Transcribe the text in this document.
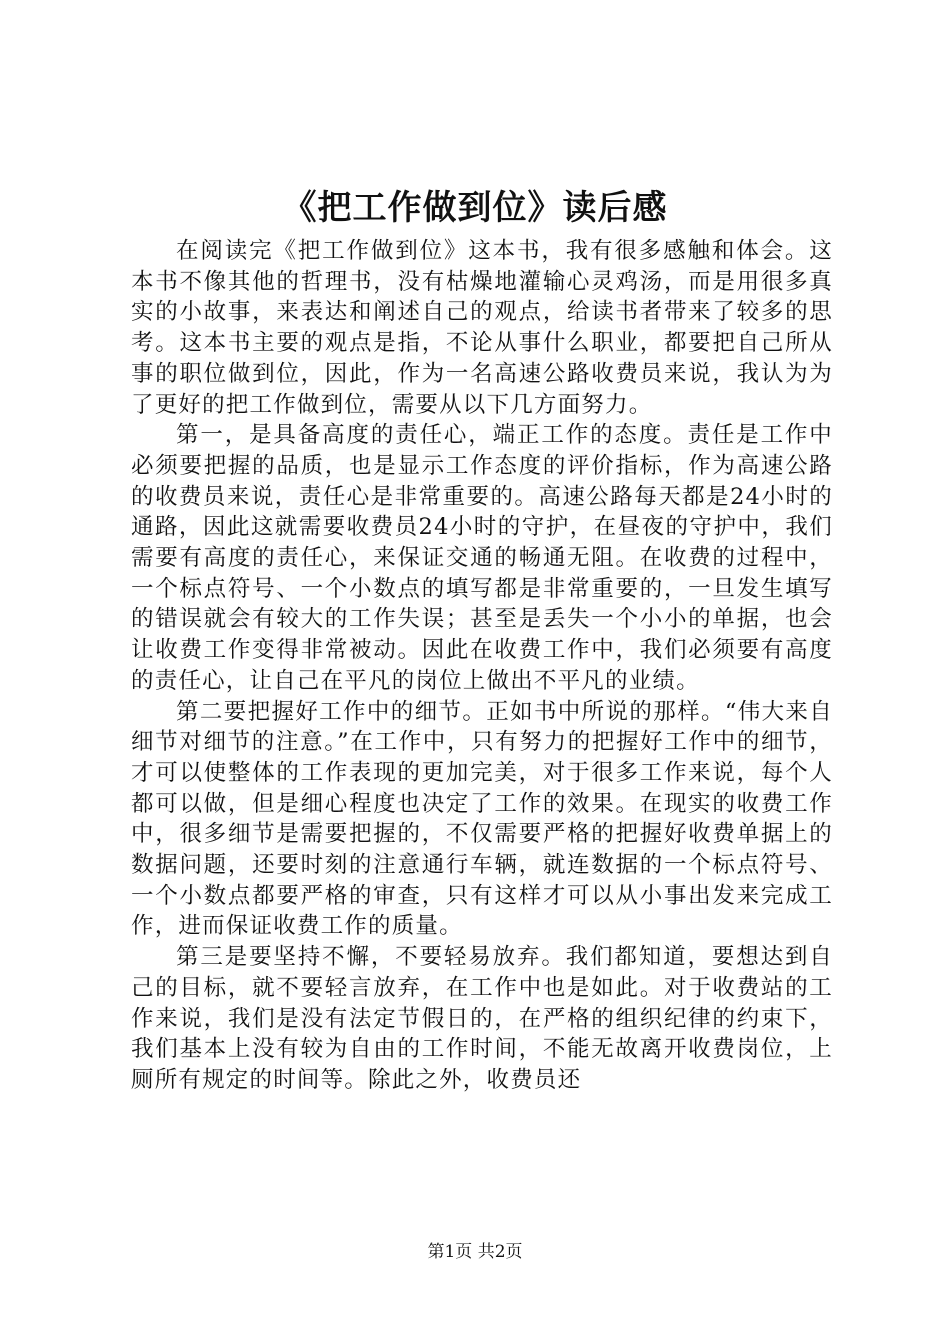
《把工作做到位》读后感

在阅读完《把工作做到位》这本书，我有很多感触和体会。这本书不像其他的哲理书，没有枯燥地灌输心灵鸡汤，而是用很多真实的小故事，来表达和阐述自己的观点，给读书者带来了较多的思考。这本书主要的观点是指，不论从事什么职业，都要把自己所从事的职位做到位，因此，作为一名高速公路收费员来说，我认为为了更好的把工作做到位，需要从以下几方面努力。

第一，是具备高度的责任心，端正工作的态度。责任是工作中必须要把握的品质，也是显示工作态度的评价指标，作为高速公路的收费员来说，责任心是非常重要的。高速公路每天都是24小时的通路，因此这就需要收费员24小时的守护，在昼夜的守护中，我们需要有高度的责任心，来保证交通的畅通无阻。在收费的过程中，一个标点符号、一个小数点的填写都是非常重要的，一旦发生填写的错误就会有较大的工作失误；甚至是丢失一个小小的单据，也会让收费工作变得非常被动。因此在收费工作中，我们必须要有高度的责任心，让自己在平凡的岗位上做出不平凡的业绩。

第二要把握好工作中的细节。正如书中所说的那样。“伟大来自细节对细节的注意。”在工作中，只有努力的把握好工作中的细节，才可以使整体的工作表现的更加完美，对于很多工作来说，每个人都可以做，但是细心程度也决定了工作的效果。在现实的收费工作中，很多细节是需要把握的，不仅需要严格的把握好收费单据上的数据问题，还要时刻的注意通行车辆，就连数据的一个标点符号、一个小数点都要严格的审查，只有这样才可以从小事出发来完成工作，进而保证收费工作的质量。

第三是要坚持不懈，不要轻易放弃。我们都知道，要想达到自己的目标，就不要轻言放弃，在工作中也是如此。对于收费站的工作来说，我们是没有法定节假日的，在严格的组织纪律的约束下，我们基本上没有较为自由的工作时间，不能无故离开收费岗位，上厕所有规定的时间等。除此之外，收费员还

第1页 共2页
